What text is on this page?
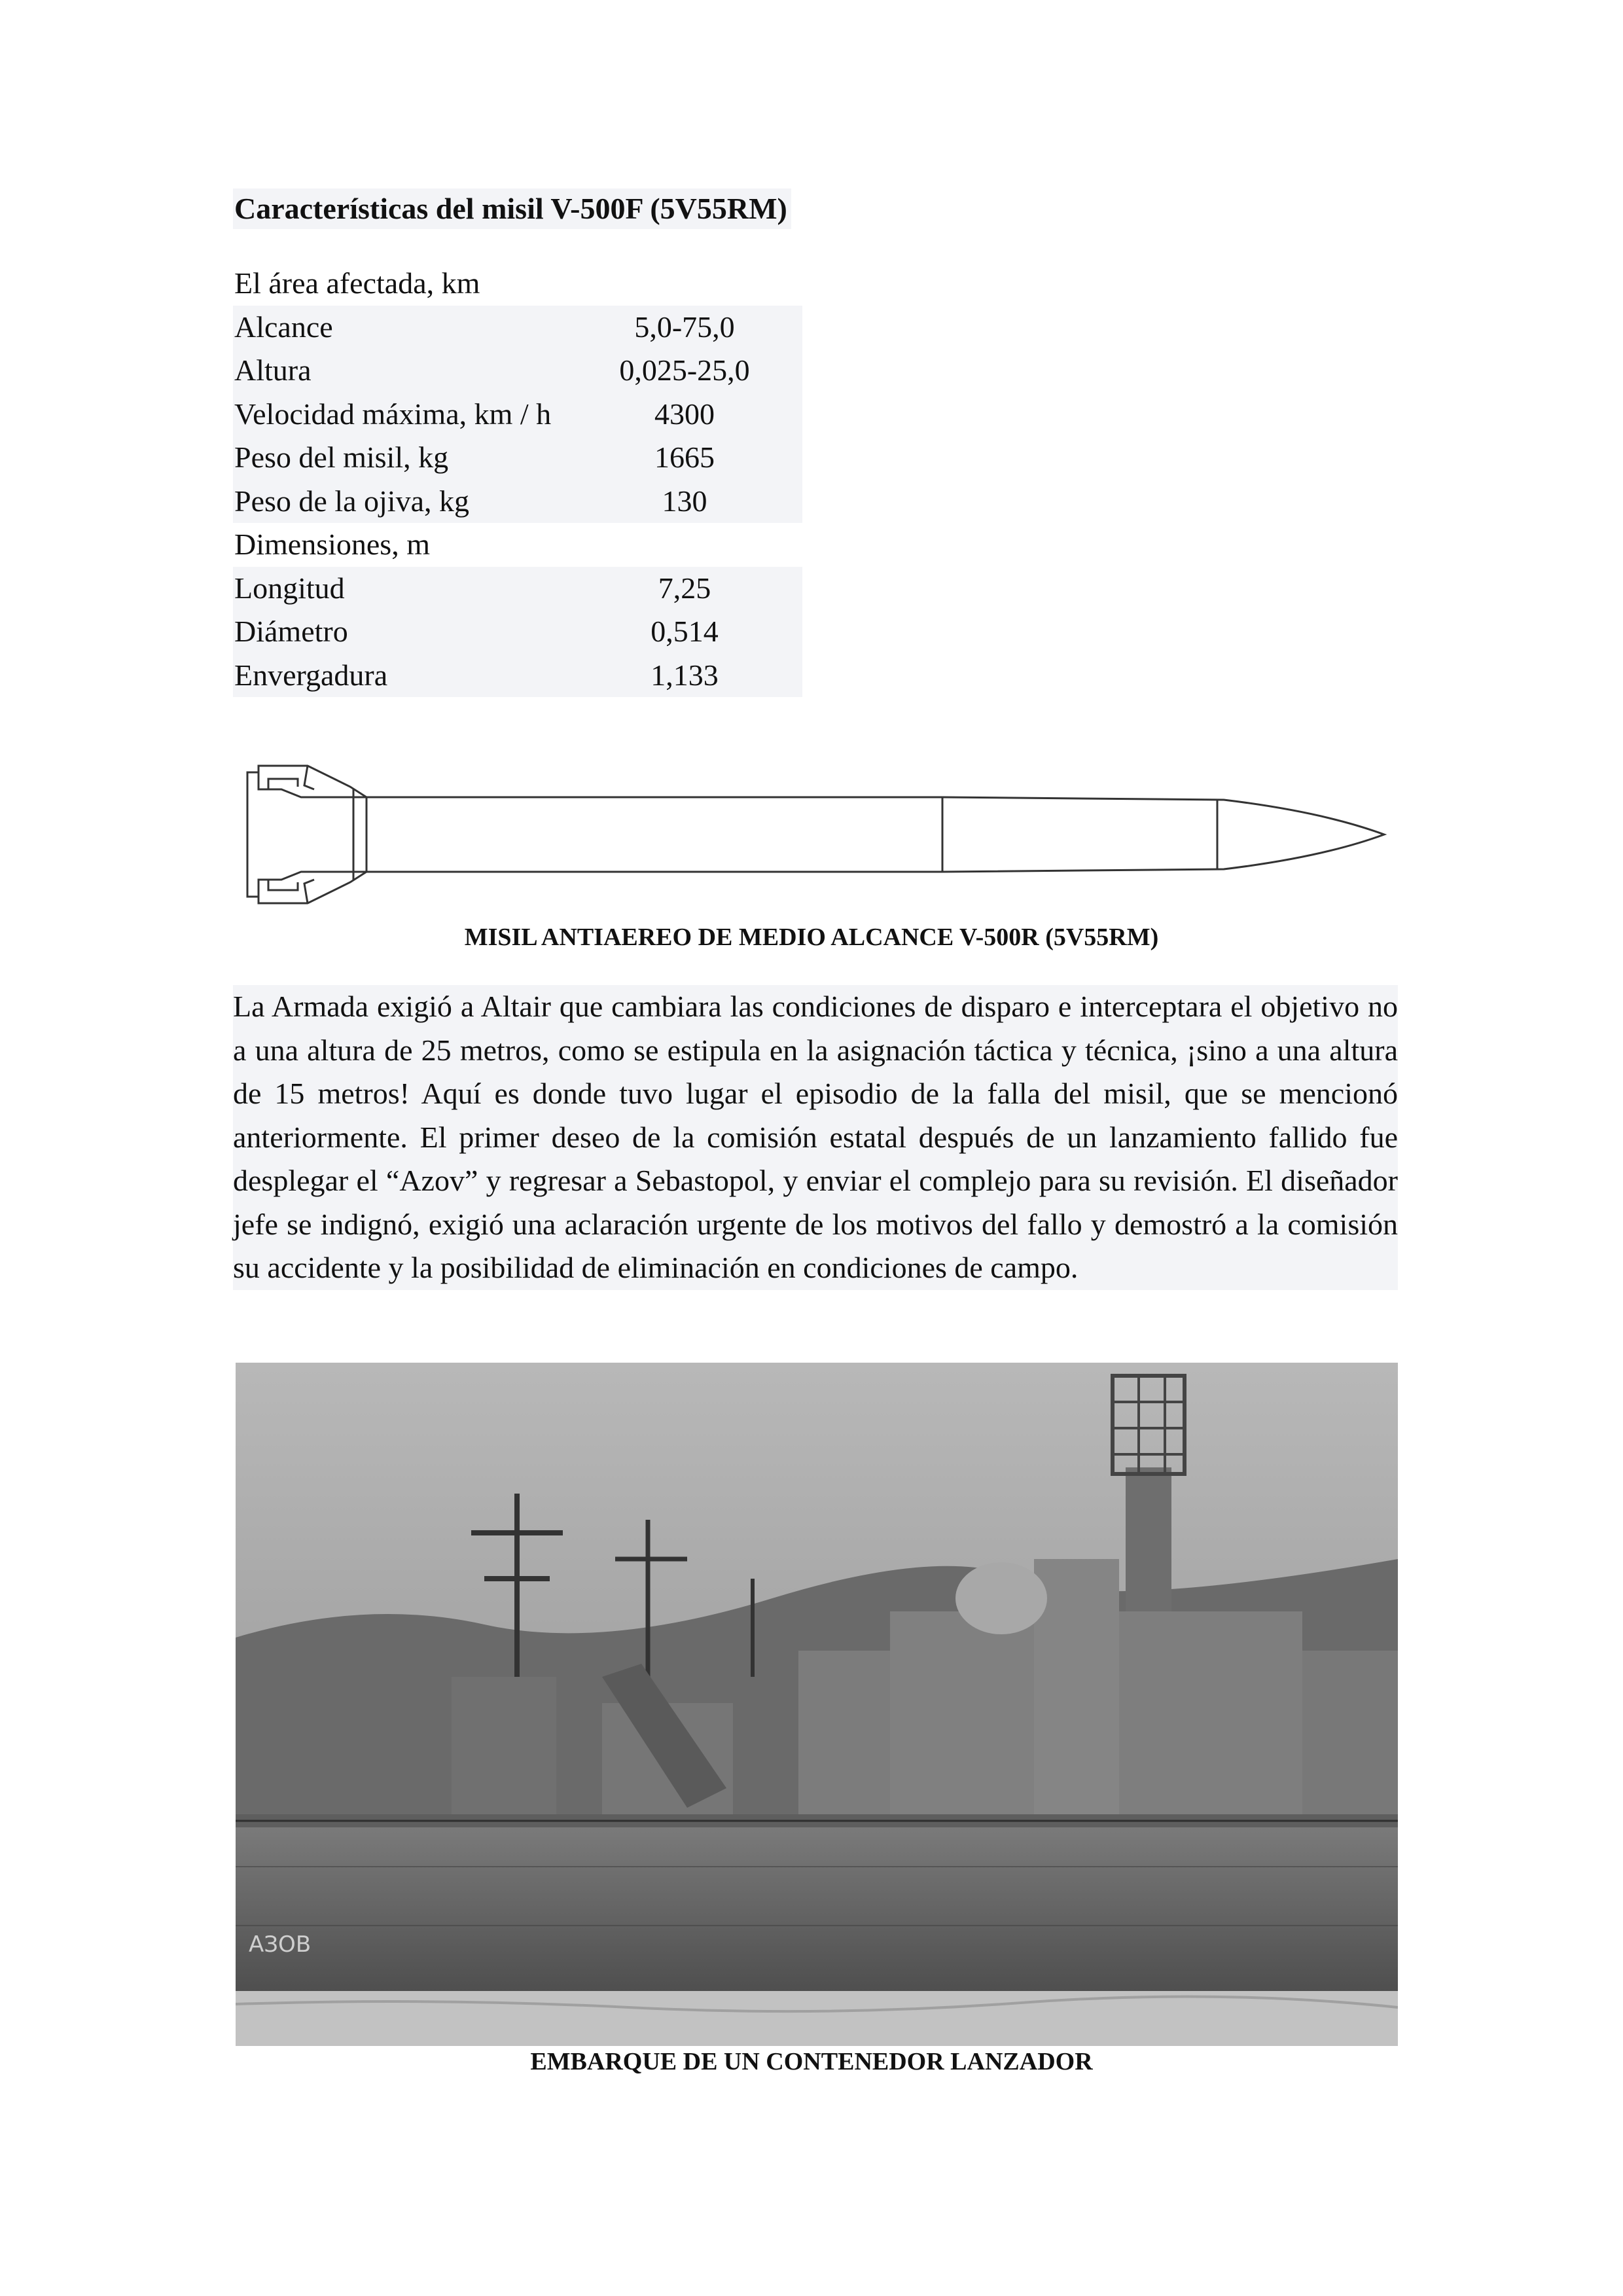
Características del misil V-500F (5V55RM)
El área afectada, km
Alcance	5,0-75,0
Altura	0,025-25,0
Velocidad máxima, km / h	4300
Peso del misil, kg	1665
Peso de la ojiva, kg	130
Dimensiones, m
Longitud	7,25
Diámetro	0,514
Envergadura	1,133
MISIL ANTIAEREO DE MEDIO ALCANCE V-500R (5V55RM)
La Armada exigió a Altair que cambiara las condiciones de disparo e interceptara el objetivo no a una altura de 25 metros, como se estipula en la asignación táctica y técnica, ¡sino a una altura de 15 metros! Aquí es donde tuvo lugar el episodio de la falla del misil, que se mencionó anteriormente. El primer deseo de la comisión estatal después de un lanzamiento fallido fue desplegar el “Azov” y regresar a Sebastopol, y enviar el complejo para su revisión. El diseñador jefe se indignó, exigió una aclaración urgente de los motivos del fallo y demostró a la comisión su accidente y la posibilidad de eliminación en condiciones de campo.
АЗОВ
EMBARQUE DE UN CONTENEDOR LANZADOR
